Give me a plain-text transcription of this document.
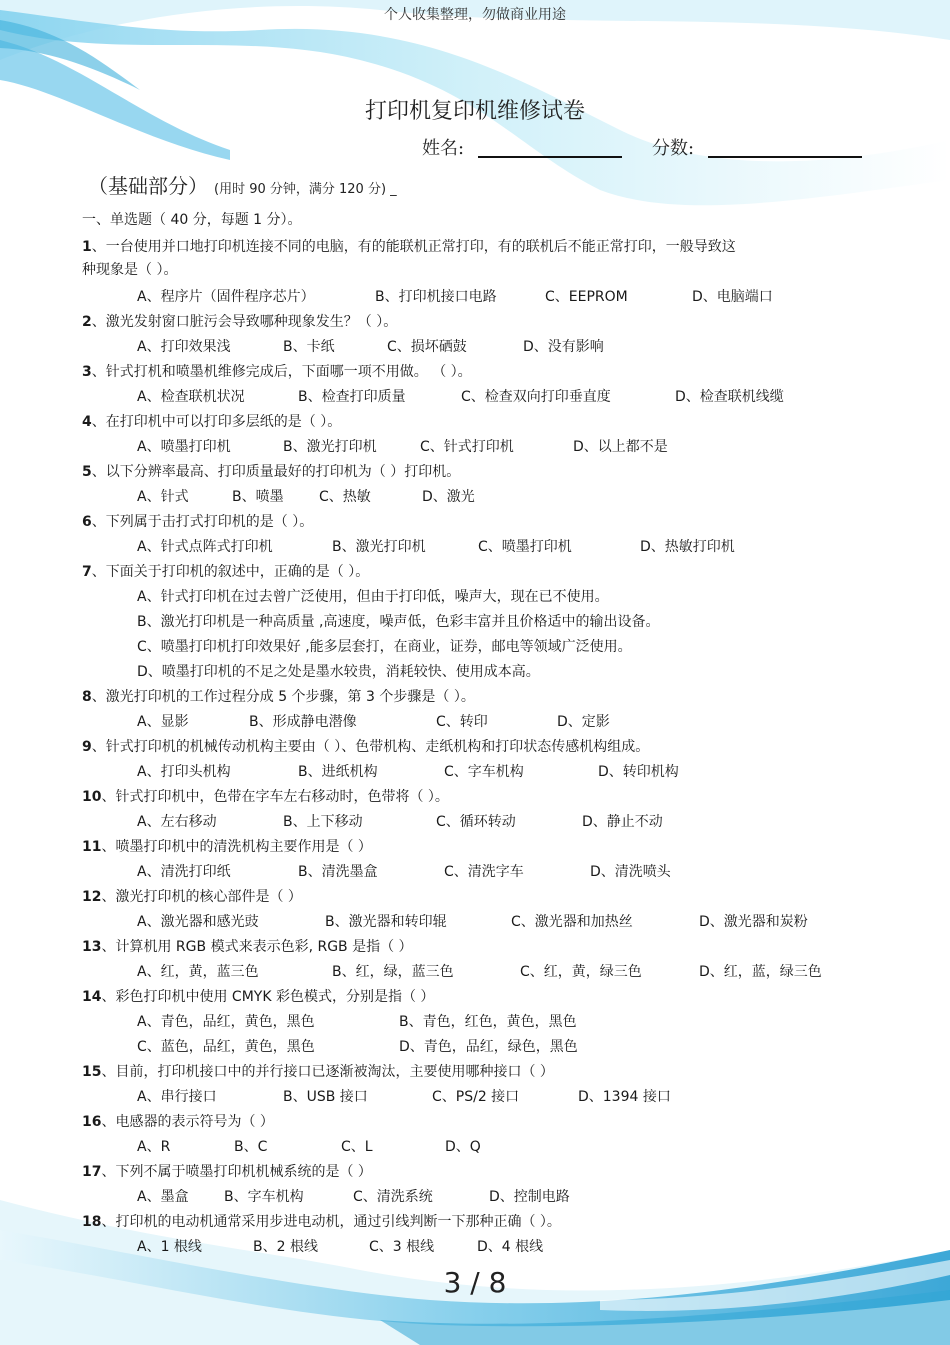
个人收集整理，勿做商业用途
打印机复印机维修试卷
姓名:	分数:
（基础部分） (用时 90 分钟，满分 120 分) _
一、单选题（ 40 分，每题 1 分）。
1、一台使用并口地打印机连接不同的电脑，有的能联机正常打印，有的联机后不能正常打印，一般导致这
种现象是（ ）。
A、程序片（固件程序芯片）	B、打印机接口电路	C、EEPROM	D、电脑端口
2、激光发射窗口脏污会导致哪种现象发生？（ ）。
A、打印效果浅	B、卡纸	C、损坏硒鼓	D、没有影响
3、针式打机和喷墨机维修完成后，下面哪一项不用做。 （ ）。
A、检查联机状况	B、检查打印质量	C、检查双向打印垂直度	D、检查联机线缆
4、在打印机中可以打印多层纸的是（ ）。
A、喷墨打印机	B、激光打印机	C、针式打印机	D、以上都不是
5、以下分辨率最高、打印质量最好的打印机为（ ）打印机。
A、针式	B、喷墨	C、热敏	D、激光
6、下列属于击打式打印机的是（ ）。
A、针式点阵式打印机	B、激光打印机	C、喷墨打印机	D、热敏打印机
7、下面关于打印机的叙述中，正确的是（ ）。
A、针式打印机在过去曾广泛使用，但由于打印低，噪声大，现在已不使用。
B、激光打印机是一种高质量 ,高速度，噪声低，色彩丰富并且价格适中的输出设备。
C、喷墨打印机打印效果好 ,能多层套打，在商业，证券，邮电等领域广泛使用。
D、喷墨打印机的不足之处是墨水较贵，消耗较快、使用成本高。
8、激光打印机的工作过程分成 5 个步骤，第 3 个步骤是（ ）。
A、显影	B、形成静电潜像	C、转印	D、定影
9、针式打印机的机械传动机构主要由（ ）、色带机构、走纸机构和打印状态传感机构组成。
A、打印头机构	B、进纸机构	C、字车机构	D、转印机构
10、针式打印机中，色带在字车左右移动时，色带将（ ）。
A、左右移动	B、上下移动	C、循环转动	D、静止不动
11、喷墨打印机中的清洗机构主要作用是（ ）
A、清洗打印纸	B、清洗墨盒	C、清洗字车	D、清洗喷头
12、激光打印机的核心部件是（ ）
A、激光器和感光豉	B、激光器和转印辊	C、激光器和加热丝	D、激光器和炭粉
13、计算机用 RGB 模式来表示色彩, RGB 是指（ ）
A、红，黄，蓝三色	B、红，绿，蓝三色	C、红，黄，绿三色	D、红，蓝，绿三色
14、彩色打印机中使用 CMYK 彩色模式，分别是指（ ）
A、青色，品红，黄色，黑色	B、青色，红色，黄色，黑色
C、蓝色，品红，黄色，黑色	D、青色，品红，绿色，黑色
15、目前，打印机接口中的并行接口已逐渐被淘汰，主要使用哪种接口（ ）
A、串行接口	B、USB 接口	C、PS/2 接口	D、1394 接口
16、电感器的表示符号为（ ）
A、R	B、C	C、L	D、Q
17、下列不属于喷墨打印机机械系统的是（ ）
A、墨盒	B、字车机构	C、清洗系统	D、控制电路
18、打印机的电动机通常采用步进电动机，通过引线判断一下那种正确（ ）。
A、1 根线	B、2 根线	C、3 根线	D、4 根线
3 / 8
